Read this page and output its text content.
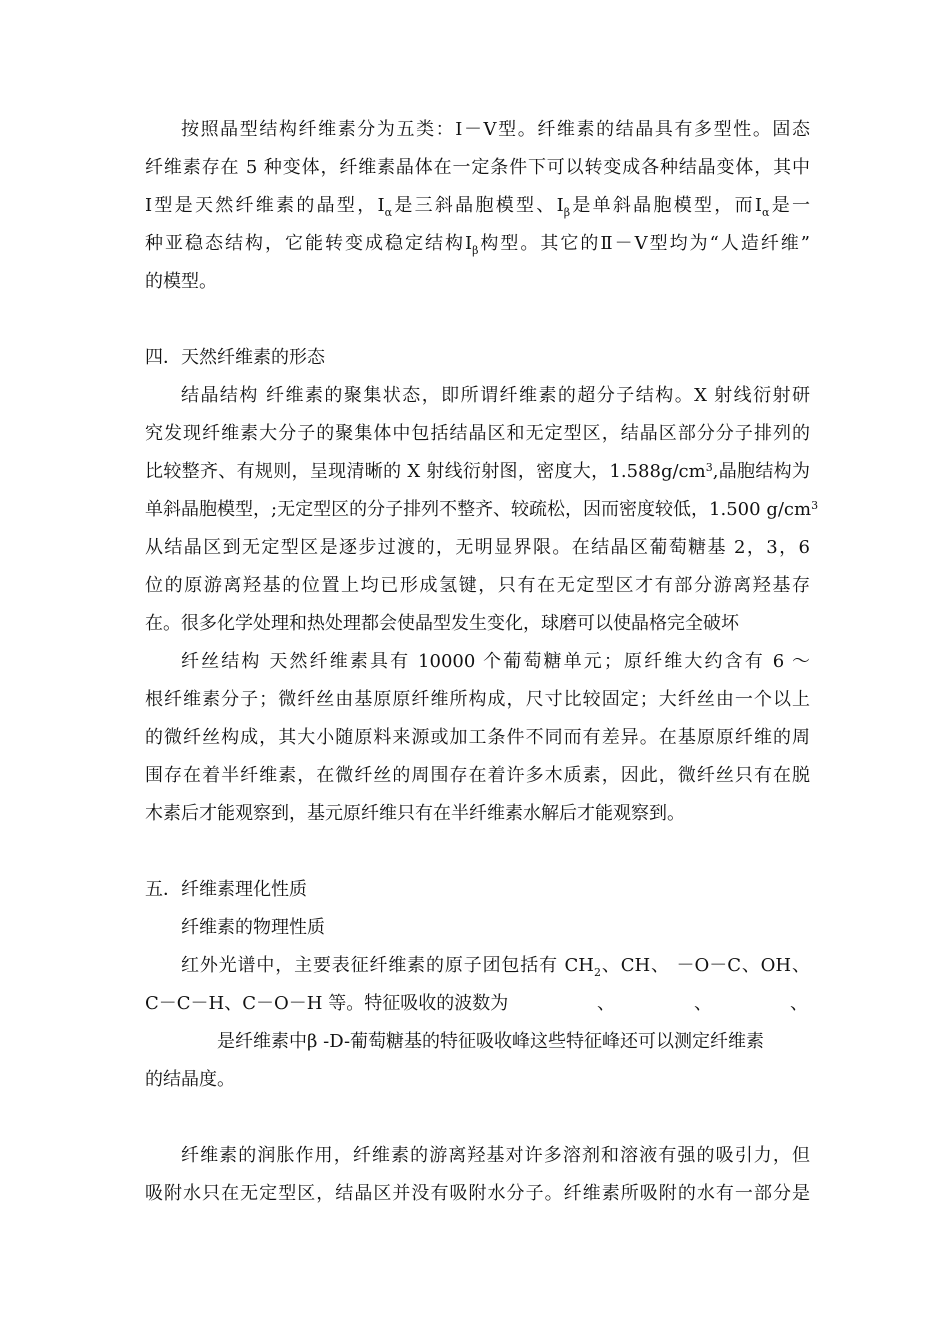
按照晶型结构纤维素分为五类：Ⅰ－Ⅴ型。纤维素的结晶具有多型性。固态
纤维素存在 5 种变体，纤维素晶体在一定条件下可以转变成各种结晶变体，其中
Ⅰ型是天然纤维素的晶型，$I_\alpha$是三斜晶胞模型、$I_\beta$是单斜晶胞模型，而$I_\alpha$是一
种亚稳态结构，它能转变成稳定结构$I_\beta$构型。其它的Ⅱ－Ⅴ型均为“人造纤维”
的模型。
四．天然纤维素的形态
结晶结构 纤维素的聚集状态，即所谓纤维素的超分子结构。X 射线衍射研
究发现纤维素大分子的聚集体中包括结晶区和无定型区，结晶区部分分子排列的
比较整齐、有规则，呈现清晰的 X 射线衍射图，密度大，$1.588g/cm^3$,晶胞结构为
单斜晶胞模型，;无定型区的分子排列不整齐、较疏松，因而密度较低，1.500 $g/cm^3$
从结晶区到无定型区是逐步过渡的，无明显界限。在结晶区葡萄糖基 2，3，6
位的原游离羟基的位置上均已形成氢键，只有在无定型区才有部分游离羟基存
在。很多化学处理和热处理都会使晶型发生变化，球磨可以使晶格完全破坏
纤丝结构 天然纤维素具有 10000 个葡萄糖单元；原纤维大约含有 6 ～
根纤维素分子；微纤丝由基原原纤维所构成，尺寸比较固定；大纤丝由一个以上
的微纤丝构成，其大小随原料来源或加工条件不同而有差异。在基原原纤维的周
围存在着半纤维素，在微纤丝的周围存在着许多木质素，因此，微纤丝只有在脱
木素后才能观察到，基元原纤维只有在半纤维素水解后才能观察到。
五．纤维素理化性质
纤维素的物理性质
红外光谱中，主要表征纤维素的原子团包括有 $CH_2$、CH、 －O－C、OH、
C－C－H、C－O－H 等。特征吸收的波数为	、	、	、
是纤维素中β -D-葡萄糖基的特征吸收峰这些特征峰还可以测定纤维素
的结晶度。
纤维素的润胀作用，纤维素的游离羟基对许多溶剂和溶液有强的吸引力，但
吸附水只在无定型区，结晶区并没有吸附水分子。纤维素所吸附的水有一部分是
